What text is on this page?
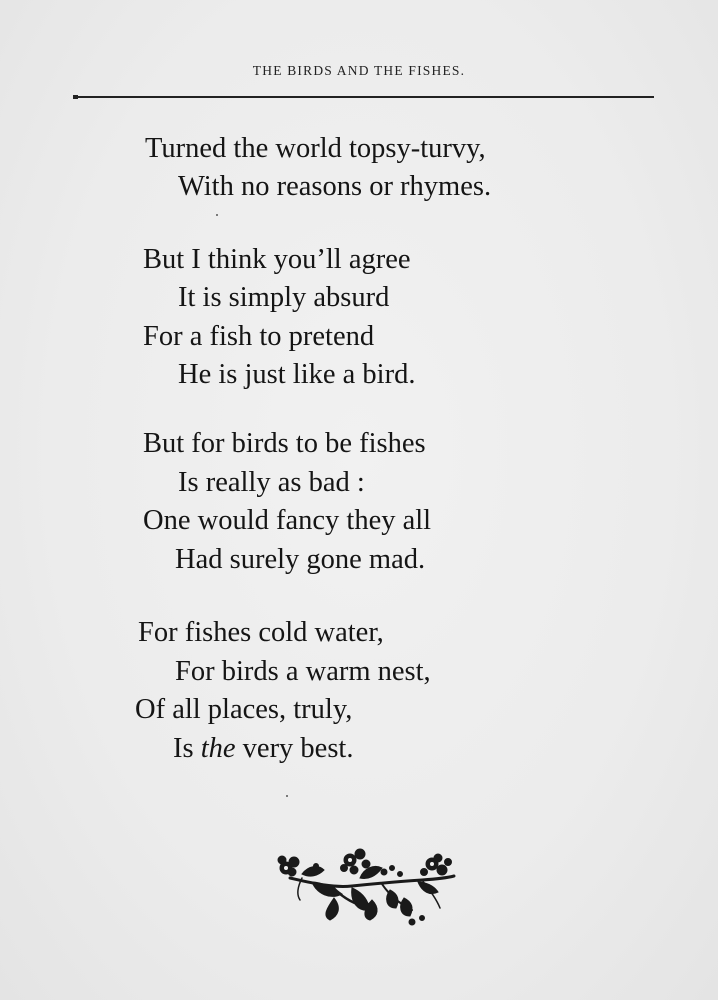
THE BIRDS AND THE FISHES.
Turned the world topsy-turvy,
With no reasons or rhymes.
But I think you’ll agree
It is simply absurd
For a fish to pretend
He is just like a bird.
But for birds to be fishes
Is really as bad :
One would fancy they all
Had surely gone mad.
For fishes cold water,
For birds a warm nest,
Of all places, truly,
Is the very best.
